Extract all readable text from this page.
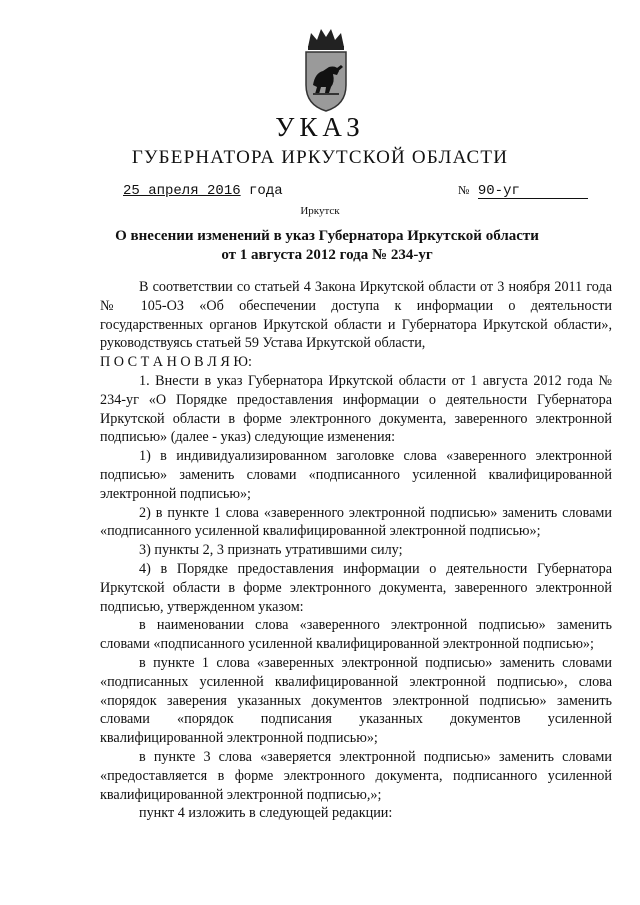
УКАЗ
ГУБЕРНАТОРА ИРКУТСКОЙ ОБЛАСТИ
25 апреля 2016 года	№ 90-уг
Иркутск
О внесении изменений в указ Губернатора Иркутской области
от 1 августа 2012 года № 234-уг

В соответствии со статьей 4 Закона Иркутской области от 3 ноября 2011 года № 105-ОЗ «Об обеспечении доступа к информации о деятельности государственных органов Иркутской области и Губернатора Иркутской области», руководствуясь статьей 59 Устава Иркутской области,

П О С Т А Н О В Л Я Ю:

1. Внести в указ Губернатора Иркутской области от 1 августа 2012 года № 234-уг «О Порядке предоставления информации о деятельности Губернатора Иркутской области в форме электронного документа, заверенного электронной подписью» (далее - указ) следующие изменения:

1) в индивидуализированном заголовке слова «заверенного электронной подписью» заменить словами «подписанного усиленной квалифицированной электронной подписью»;

2) в пункте 1 слова «заверенного электронной подписью» заменить словами «подписанного усиленной квалифицированной электронной подписью»;

3) пункты 2, 3 признать утратившими силу;

4) в Порядке предоставления информации о деятельности Губернатора Иркутской области в форме электронного документа, заверенного электронной подписью, утвержденном указом:

в наименовании слова «заверенного электронной подписью» заменить словами «подписанного усиленной квалифицированной электронной подписью»;

в пункте 1 слова «заверенных электронной подписью» заменить словами «подписанных усиленной квалифицированной электронной подписью», слова «порядок заверения указанных документов электронной подписью» заменить словами «порядок подписания указанных документов усиленной квалифицированной электронной подписью»;

в пункте 3 слова «заверяется электронной подписью» заменить словами «предоставляется в форме электронного документа, подписанного усиленной квалифицированной электронной подписью,»;

пункт 4 изложить в следующей редакции:
